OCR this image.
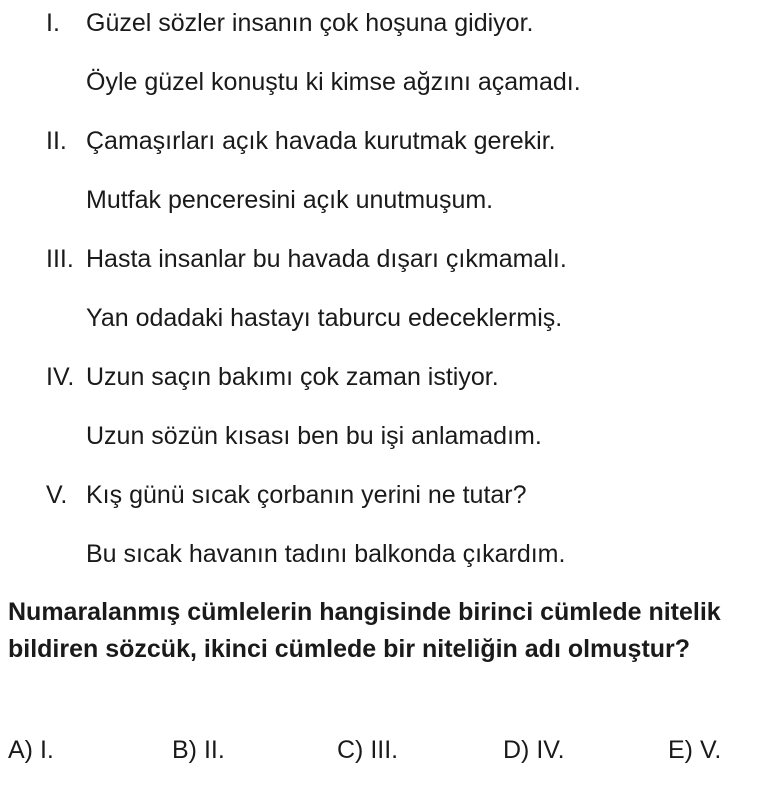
I. Güzel sözler insanın çok hoşuna gidiyor.
Öyle güzel konuştu ki kimse ağzını açamadı.
II. Çamaşırları açık havada kurutmak gerekir.
Mutfak penceresini açık unutmuşum.
III. Hasta insanlar bu havada dışarı çıkmamalı.
Yan odadaki hastayı taburcu edeceklermiş.
IV. Uzun saçın bakımı çok zaman istiyor.
Uzun sözün kısası ben bu işi anlamadım.
V. Kış günü sıcak çorbanın yerini ne tutar?
Bu sıcak havanın tadını balkonda çıkardım.
Numaralanmış cümlelerin hangisinde birinci cümlede nitelik bildiren sözcük, ikinci cümlede bir niteliğin adı olmuştur?
A) I.	B) II.	C) III.	D) IV.	E) V.
